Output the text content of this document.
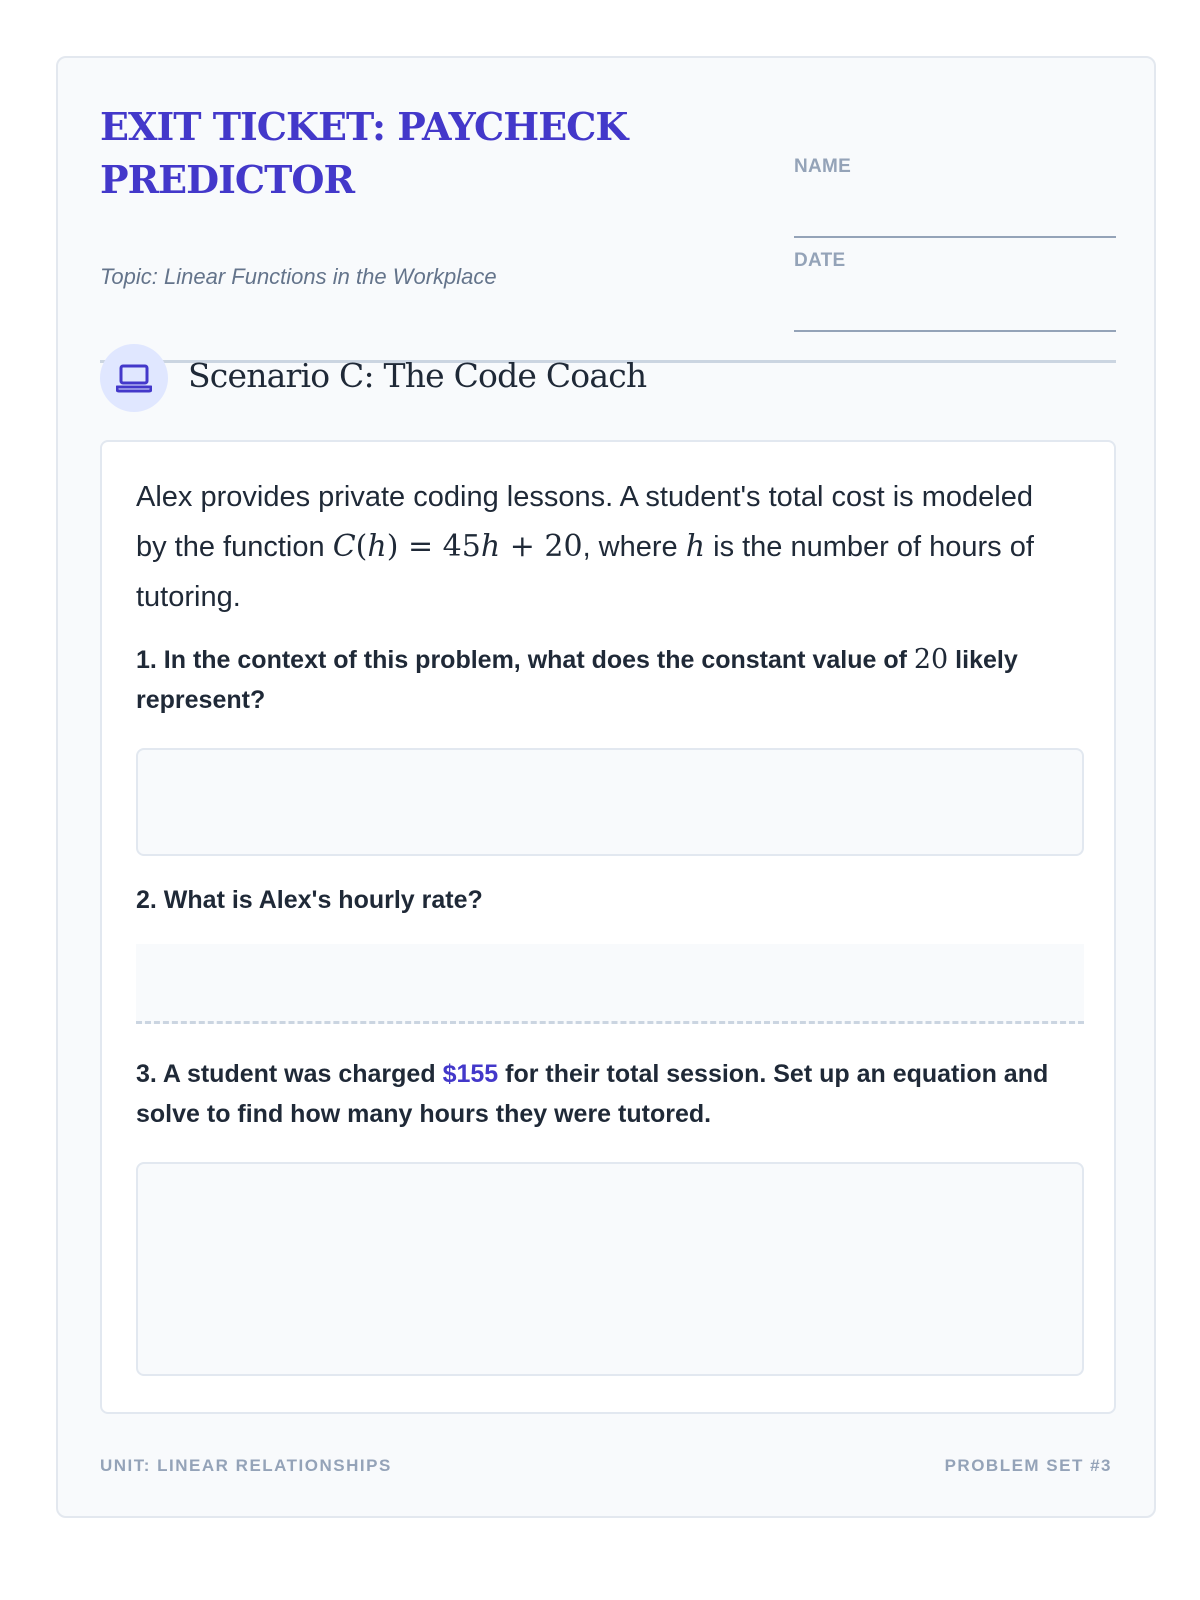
EXIT TICKET: PAYCHECK PREDICTOR
Topic: Linear Functions in the Workplace
NAME
DATE
Scenario C: The Code Coach

Alex provides private coding lessons. A student's total cost is modeled by the function C(h) = 45h + 20, where h is the number of hours of tutoring.

1. In the context of this problem, what does the constant value of 20 likely represent?

2. What is Alex's hourly rate?

3. A student was charged $155 for their total session. Set up an equation and solve to find how many hours they were tutored.

UNIT: LINEAR RELATIONSHIPS	PROBLEM SET #3
